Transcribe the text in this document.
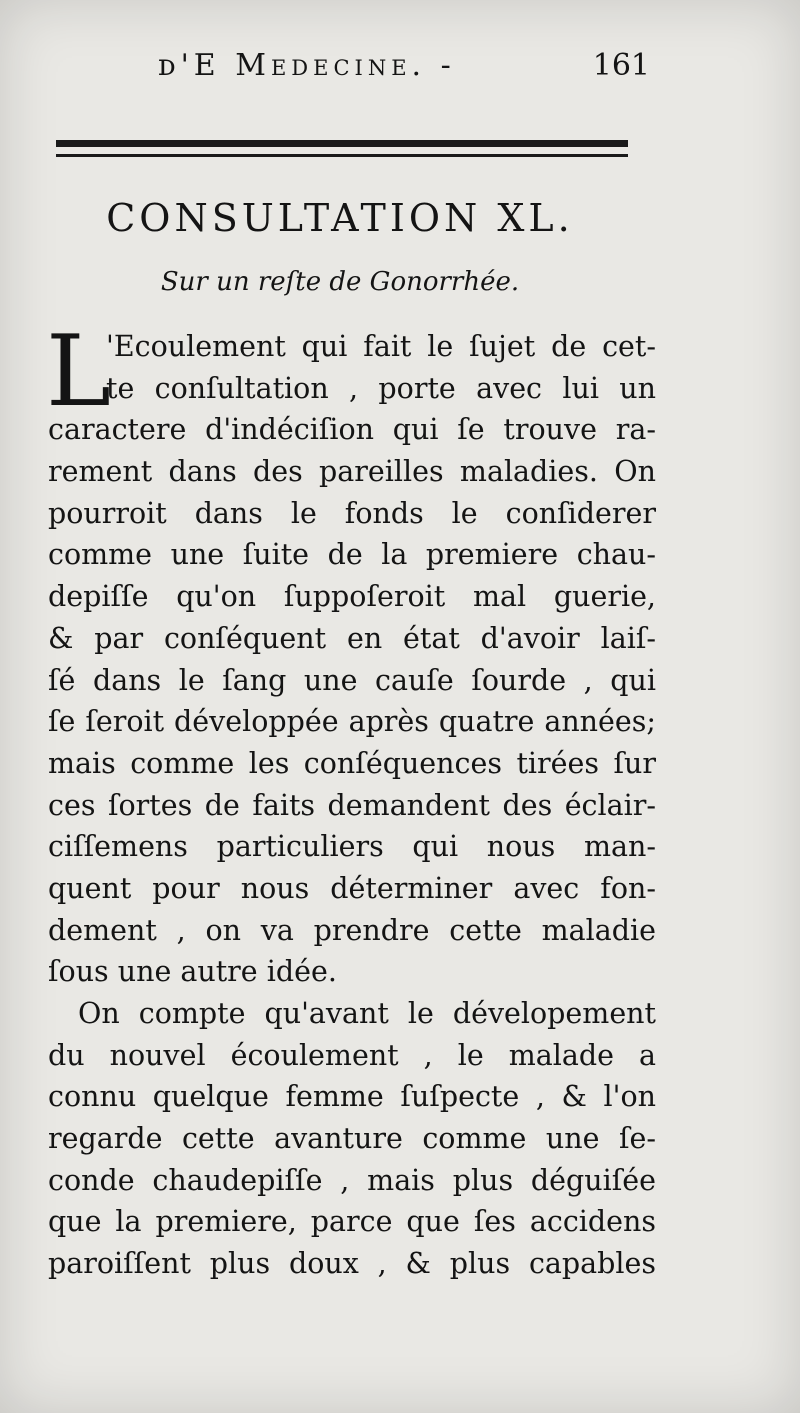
ᴅ'E Medecine. -	161
CONSULTATION XL.
Sur un reſte de Gonorrhée.
L
'Ecoulement qui fait le ſujet de cet-
te conſultation , porte avec lui un
caractere d'indéciſion qui ſe trouve ra-
rement dans des pareilles maladies. On
pourroit dans le fonds le conſiderer
comme une ſuite de la premiere chau-
depiſſe qu'on ſuppoſeroit mal guerie,
& par conſéquent en état d'avoir laiſ-
ſé dans le ſang une cauſe ſourde , qui
ſe ſeroit développée après quatre années;
mais comme les conſéquences tirées ſur
ces ſortes de faits demandent des éclair-
ciſſemens particuliers qui nous man-
quent pour nous déterminer avec fon-
dement , on va prendre cette maladie
ſous une autre idée.
On compte qu'avant le dévelopement
du nouvel écoulement , le malade a
connu quelque femme ſuſpecte , & l'on
regarde cette avanture comme une ſe-
conde chaudepiſſe , mais plus déguiſée
que la premiere, parce que ſes accidens
paroiſſent plus doux , & plus capables
